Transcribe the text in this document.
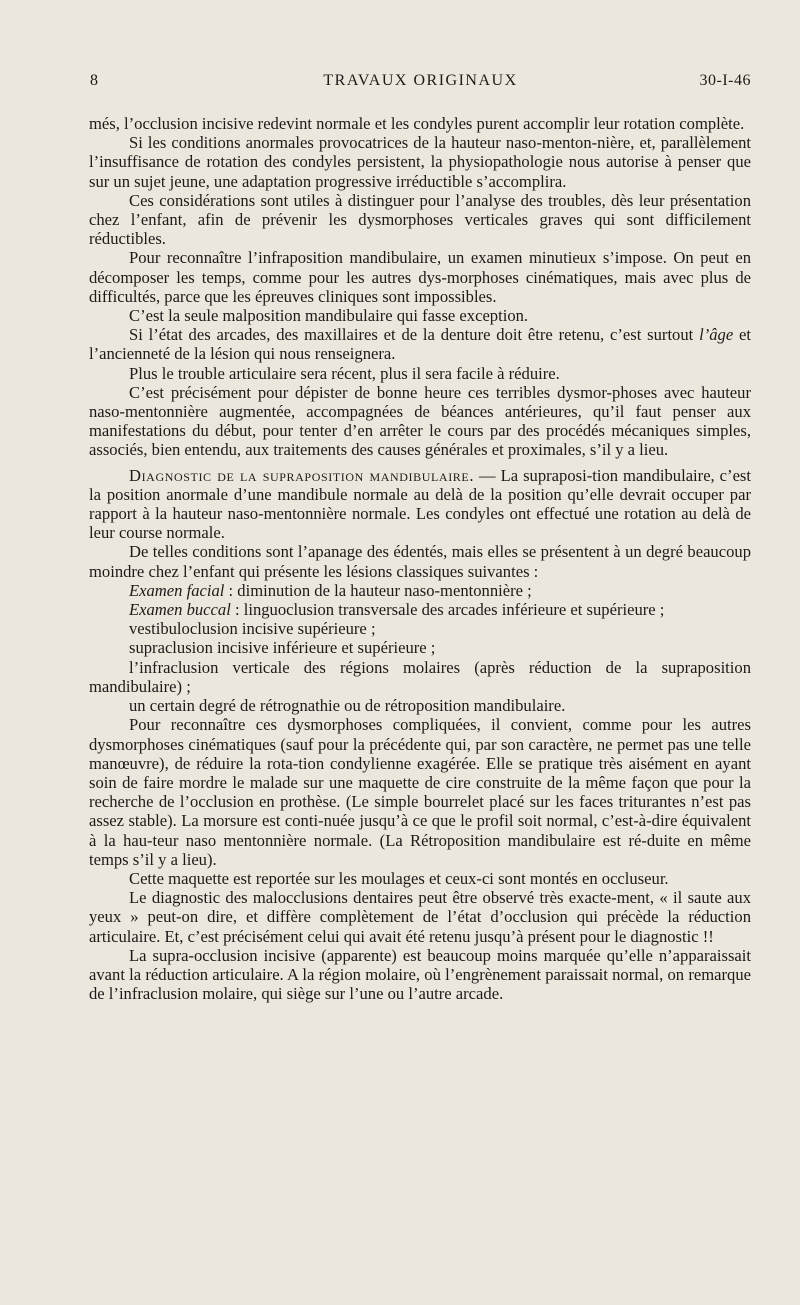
8	TRAVAUX ORIGINAUX	30-I-46

més, l’occlusion incisive redevint normale et les condyles purent accomplir leur rotation complète.

Si les conditions anormales provocatrices de la hauteur naso-menton-nière, et, parallèlement l’insuffisance de rotation des condyles persistent, la physiopathologie nous autorise à penser que sur un sujet jeune, une adaptation progressive irréductible s’accomplira.

Ces considérations sont utiles à distinguer pour l’analyse des troubles, dès leur présentation chez l’enfant, afin de prévenir les dysmorphoses verticales graves qui sont difficilement réductibles.

Pour reconnaître l’infraposition mandibulaire, un examen minutieux s’impose. On peut en décomposer les temps, comme pour les autres dys-morphoses cinématiques, mais avec plus de difficultés, parce que les épreuves cliniques sont impossibles.

C’est la seule malposition mandibulaire qui fasse exception.

Si l’état des arcades, des maxillaires et de la denture doit être retenu, c’est surtout l’âge et l’ancienneté de la lésion qui nous renseignera.

Plus le trouble articulaire sera récent, plus il sera facile à réduire.

C’est précisément pour dépister de bonne heure ces terribles dysmor-phoses avec hauteur naso-mentonnière augmentée, accompagnées de béances antérieures, qu’il faut penser aux manifestations du début, pour tenter d’en arrêter le cours par des procédés mécaniques simples, associés, bien entendu, aux traitements des causes générales et proximales, s’il y a lieu.

Diagnostic de la supraposition mandibulaire. — La supraposi-tion mandibulaire, c’est la position anormale d’une mandibule normale au delà de la position qu’elle devrait occuper par rapport à la hauteur naso-mentonnière normale. Les condyles ont effectué une rotation au delà de leur course normale.

De telles conditions sont l’apanage des édentés, mais elles se présentent à un degré beaucoup moindre chez l’enfant qui présente les lésions classiques suivantes :

Examen facial : diminution de la hauteur naso-mentonnière ;

Examen buccal : linguoclusion transversale des arcades inférieure et supérieure ;

vestibuloclusion incisive supérieure ;

supraclusion incisive inférieure et supérieure ;

l’infraclusion verticale des régions molaires (après réduction de la supraposition mandibulaire) ;

un certain degré de rétrognathie ou de rétroposition mandibulaire.

Pour reconnaître ces dysmorphoses compliquées, il convient, comme pour les autres dysmorphoses cinématiques (sauf pour la précédente qui, par son caractère, ne permet pas une telle manœuvre), de réduire la rota-tion condylienne exagérée. Elle se pratique très aisément en ayant soin de faire mordre le malade sur une maquette de cire construite de la même façon que pour la recherche de l’occlusion en prothèse. (Le simple bourrelet placé sur les faces triturantes n’est pas assez stable). La morsure est conti-nuée jusqu’à ce que le profil soit normal, c’est-à-dire équivalent à la hau-teur naso mentonnière normale. (La Rétroposition mandibulaire est ré-duite en même temps s’il y a lieu).

Cette maquette est reportée sur les moulages et ceux-ci sont montés en occluseur.

Le diagnostic des malocclusions dentaires peut être observé très exacte-ment, « il saute aux yeux » peut-on dire, et diffère complètement de l’état d’occlusion qui précède la réduction articulaire. Et, c’est précisément celui qui avait été retenu jusqu’à présent pour le diagnostic !!

La supra-occlusion incisive (apparente) est beaucoup moins marquée qu’elle n’apparaissait avant la réduction articulaire. A la région molaire, où l’engrènement paraissait normal, on remarque de l’infraclusion molaire, qui siège sur l’une ou l’autre arcade.
